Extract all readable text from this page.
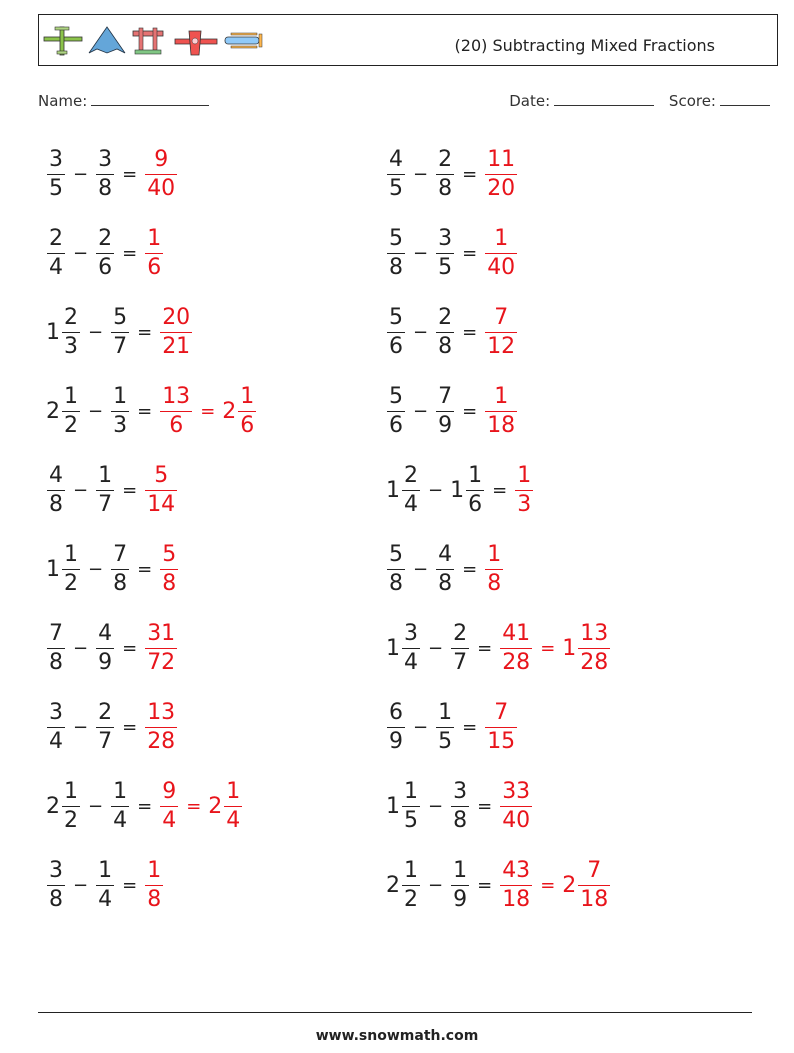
(20) Subtracting Mixed Fractions
Name:	Date:	Score:
$\frac{3}{5} - \frac{3}{8} = \frac{9}{40}$	$\frac{4}{5} - \frac{2}{8} = \frac{11}{20}$
$\frac{2}{4} - \frac{2}{6} = \frac{1}{6}$	$\frac{5}{8} - \frac{3}{5} = \frac{1}{40}$
$1 \frac{2}{3} - \frac{5}{7} = \frac{20}{21}$	$\frac{5}{6} - \frac{2}{8} = \frac{7}{12}$
$2 \frac{1}{2} - \frac{1}{3} = \frac{13}{6} = 2 \frac{1}{6}$	$\frac{5}{6} - \frac{7}{9} = \frac{1}{18}$
$\frac{4}{8} - \frac{1}{7} = \frac{5}{14}$	$1 \frac{2}{4} - 1 \frac{1}{6} = \frac{1}{3}$
$1 \frac{1}{2} - \frac{7}{8} = \frac{5}{8}$	$\frac{5}{8} - \frac{4}{8} = \frac{1}{8}$
$\frac{7}{8} - \frac{4}{9} = \frac{31}{72}$	$1 \frac{3}{4} - \frac{2}{7} = \frac{41}{28} = 1 \frac{13}{28}$
$\frac{3}{4} - \frac{2}{7} = \frac{13}{28}$	$\frac{6}{9} - \frac{1}{5} = \frac{7}{15}$
$2 \frac{1}{2} - \frac{1}{4} = \frac{9}{4} = 2 \frac{1}{4}$	$1 \frac{1}{5} - \frac{3}{8} = \frac{33}{40}$
$\frac{3}{8} - \frac{1}{4} = \frac{1}{8}$	$2 \frac{1}{2} - \frac{1}{9} = \frac{43}{18} = 2 \frac{7}{18}$
www.snowmath.com
